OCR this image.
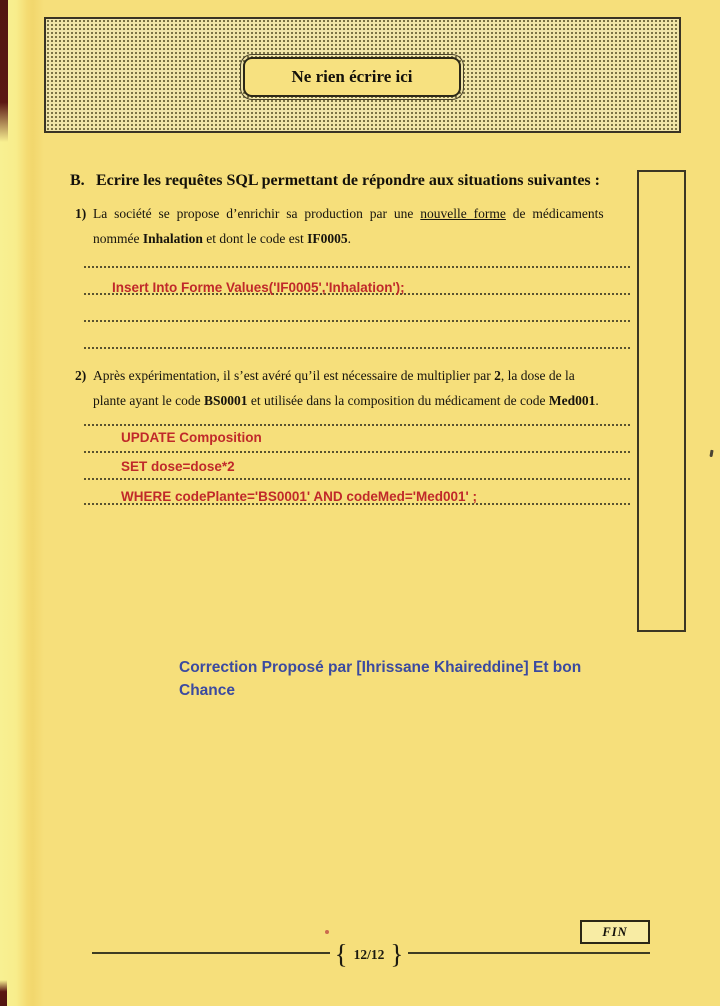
Ne rien écrire ici
B. Ecrire les requêtes SQL permettant de répondre aux situations suivantes :
1) La société se propose d’enrichir sa production par une nouvelle forme de médicaments
nommée Inhalation et dont le code est IF0005.
Insert Into Forme Values('IF0005','Inhalation');
2) Après expérimentation, il s’est avéré qu’il est nécessaire de multiplier par 2, la dose de la
plante ayant le code BS0001 et utilisée dans la composition du médicament de code Med001.
UPDATE Composition
SET dose=dose*2
WHERE codePlante='BS0001' AND codeMed='Med001' ;
Correction Proposé par [Ihrissane Khaireddine] Et bon
Chance
FIN
{ 12/12 }
